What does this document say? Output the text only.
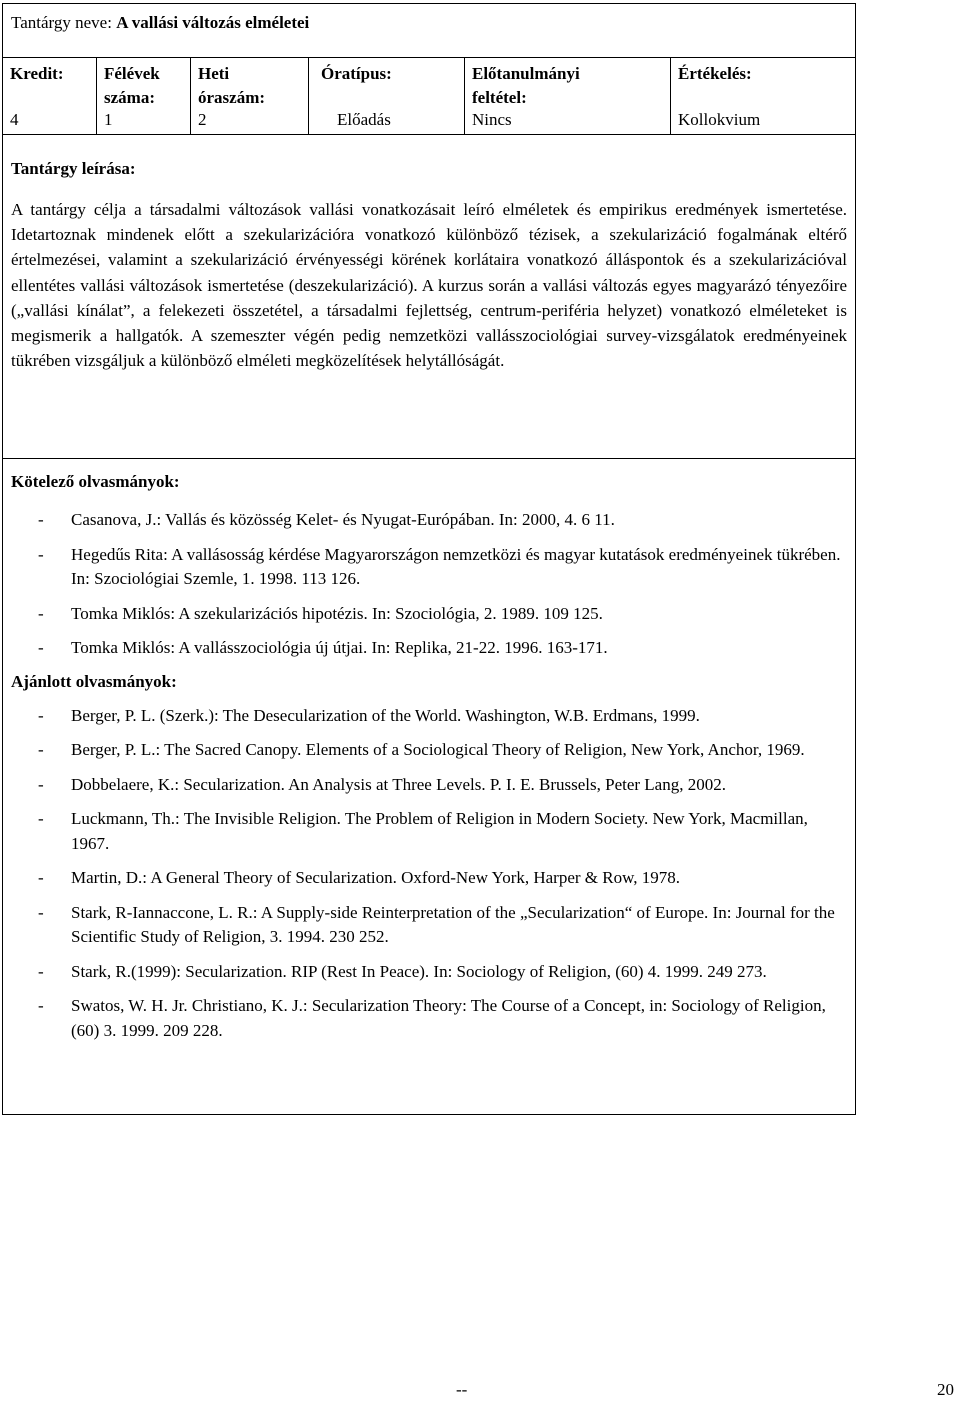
Tantárgy neve: A vallási változás elméletei
Kredit:
4
Félévek
száma:
1
Heti
óraszám:
2
Óratípus:
Előadás
Előtanulmányi
feltétel:
Nincs
Értékelés:
Kollokvium
Tantárgy leírása:
A tantárgy célja a társadalmi változások vallási vonatkozásait leíró elméletek és empirikus eredmények ismertetése. Idetartoznak mindenek előtt a szekularizációra vonatkozó különböző tézisek, a szekularizáció fogalmának eltérő értelmezései, valamint a szekularizáció érvényességi körének korlátaira vonatkozó álláspontok és a szekularizációval ellentétes vallási változások ismertetése (deszekularizáció). A kurzus során a vallási változás egyes magyarázó tényezőire („vallási kínálat”, a felekezeti összetétel, a társadalmi fejlettség, centrum-periféria helyzet) vonatkozó elméleteket is megismerik a hallgatók. A szemeszter végén pedig nemzetközi vallásszociológiai survey-vizsgálatok eredményeinek tükrében vizsgáljuk a különböző elméleti megközelítések helytállóságát.
Kötelező olvasmányok:
- Casanova, J.: Vallás és közösség Kelet- és Nyugat-Európában. In: 2000, 4. 6 11.
- Hegedűs Rita: A vallásosság kérdése Magyarországon nemzetközi és magyar kutatások eredményeinek tükrében. In: Szociológiai Szemle, 1. 1998. 113 126.
- Tomka Miklós: A szekularizációs hipotézis. In: Szociológia, 2. 1989. 109 125.
- Tomka Miklós: A vallásszociológia új útjai. In: Replika, 21-22. 1996. 163-171.
Ajánlott olvasmányok:
- Berger, P. L. (Szerk.): The Desecularization of the World. Washington, W.B. Erdmans, 1999.
- Berger, P. L.: The Sacred Canopy. Elements of a Sociological Theory of Religion, New York, Anchor, 1969.
- Dobbelaere, K.: Secularization. An Analysis at Three Levels. P. I. E. Brussels, Peter Lang, 2002.
- Luckmann, Th.: The Invisible Religion. The Problem of Religion in Modern Society. New York, Macmillan, 1967.
- Martin, D.: A General Theory of Secularization. Oxford-New York, Harper & Row, 1978.
- Stark, R-Iannaccone, L. R.: A Supply-side Reinterpretation of the „Secularization“ of Europe. In: Journal for the Scientific Study of Religion, 3. 1994. 230 252.
- Stark, R.(1999): Secularization. RIP (Rest In Peace). In: Sociology of Religion, (60) 4. 1999. 249 273.
- Swatos, W. H. Jr. Christiano, K. J.: Secularization Theory: The Course of a Concept, in: Sociology of Religion, (60) 3. 1999. 209 228.
--	20
